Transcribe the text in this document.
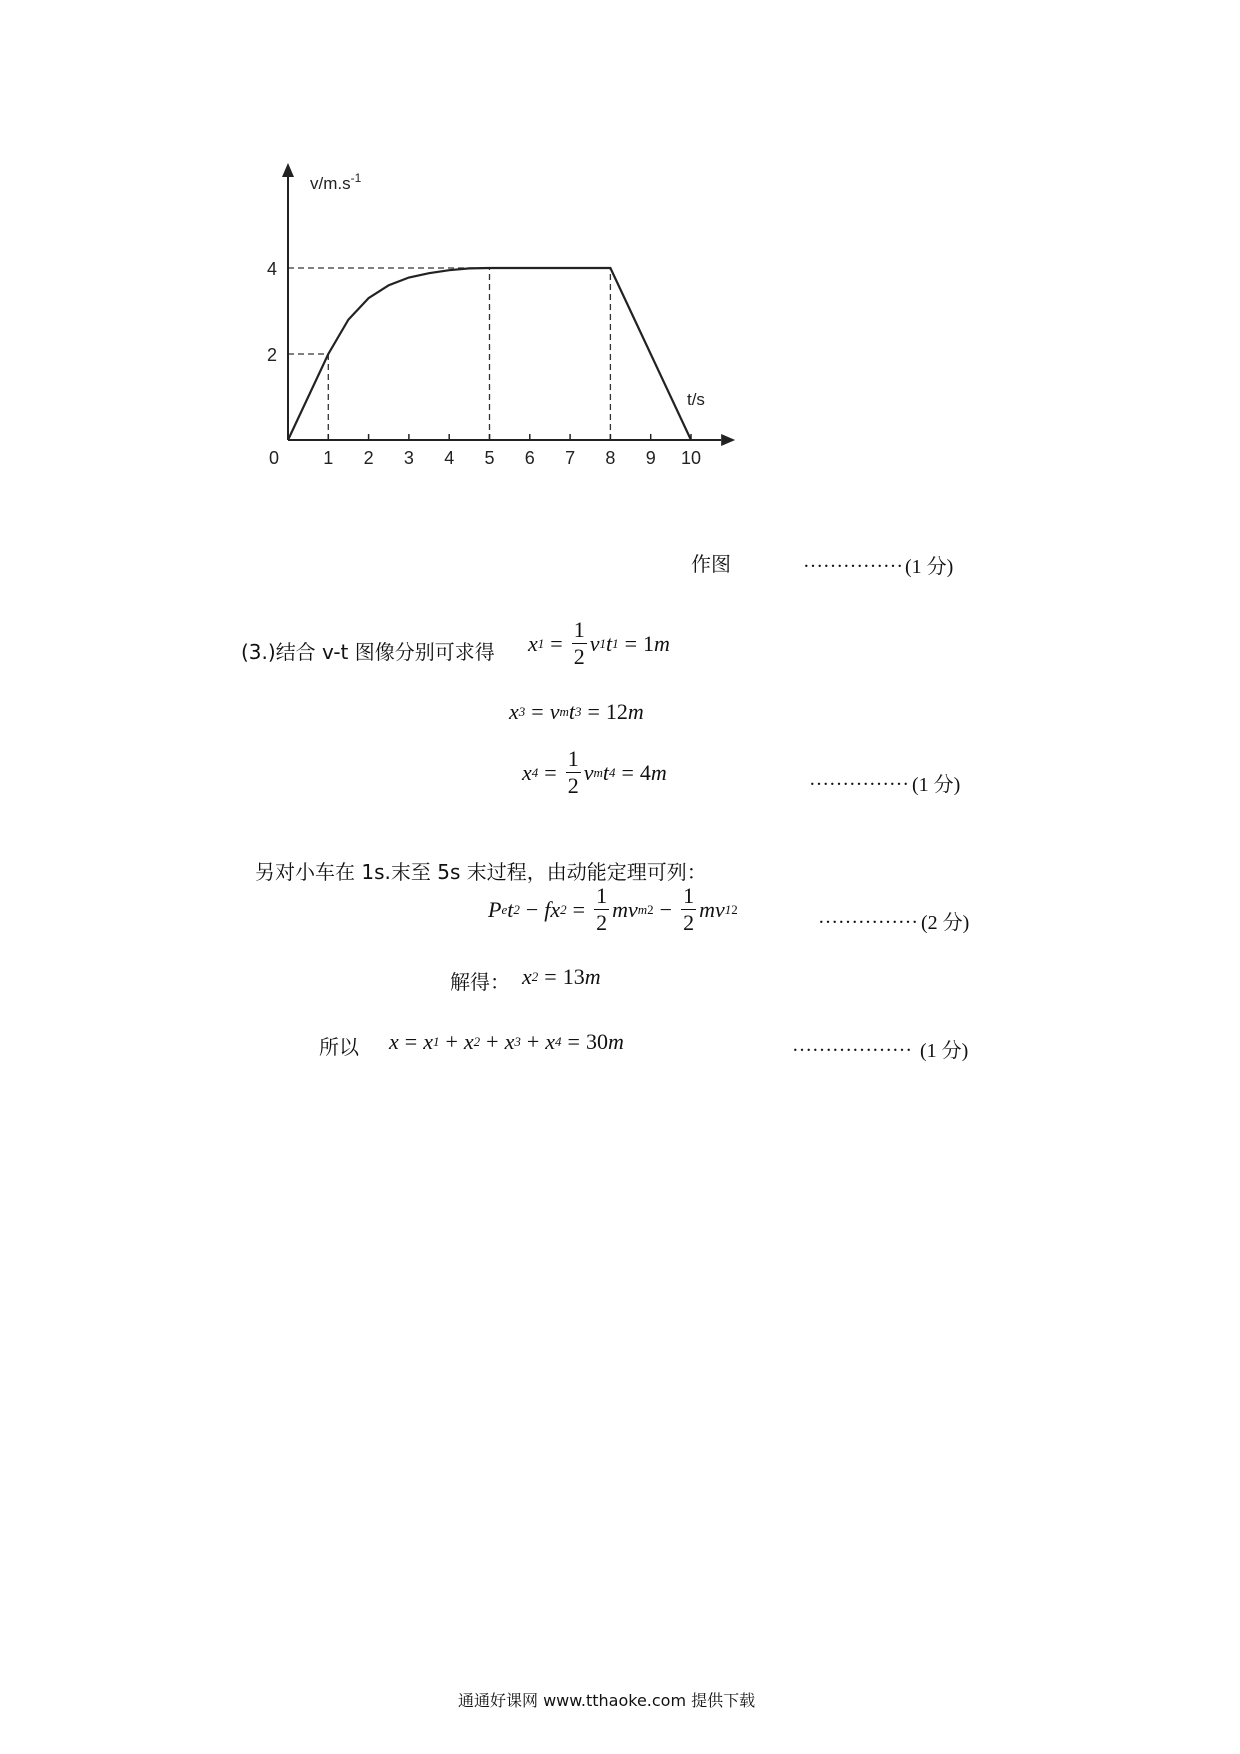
0 1 2 3 4 5 6 7 8 9 10
2
4
$v/m.s^{-1}$
t/s
作图	…………… (1 分)
(3.)结合 v-t 图像分别可求得 x $1 = \frac{1}{2}$ v 1 t 1 = 1 m
x 3 = v m t 3 = 12 m
x $4 = \frac{1}{2}$ v m t 4 = 4 m	…………… (1 分)
另对小车在 1s.末至 5s 末过程，由动能定理可列：
P e t 2 − f x $2 = \frac{1}{2}$ m v m $2 - \frac{1}{2}$ m v 1 2	…………… (2 分)
解得： x 2 = 13 m
所以 x = x 1 + x 2 + x 3 + x 4 = 30 m	……………… (1 分)
通通好课网 www.tthaoke.com 提供下载
